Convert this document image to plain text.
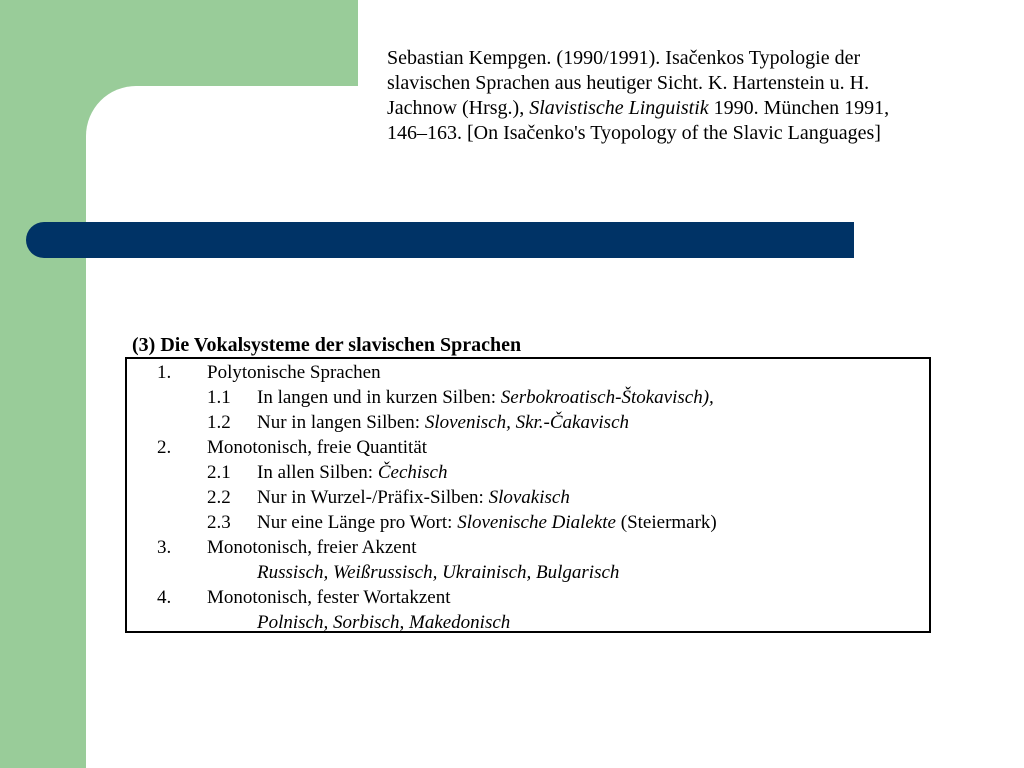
Sebastian Kempgen. (1990/1991). Isačenkos Typologie der
slavischen Sprachen aus heutiger Sicht. K. Hartenstein u. H.
Jachnow (Hrsg.), Slavistische Linguistik 1990. München 1991,
146–163. [On Isačenko's Tyopology of the Slavic Languages]
(3) Die Vokalsysteme der slavischen Sprachen
1. Polytonische Sprachen
1.1 In langen und in kurzen Silben: Serbokroatisch-Štokavisch),
1.2 Nur in langen Silben: Slovenisch, Skr.-Čakavisch
2. Monotonisch, freie Quantität
2.1 In allen Silben: Čechisch
2.2 Nur in Wurzel-/Präfix-Silben: Slovakisch
2.3 Nur eine Länge pro Wort: Slovenische Dialekte (Steiermark)
3. Monotonisch, freier Akzent
Russisch, Weißrussisch, Ukrainisch, Bulgarisch
4. Monotonisch, fester Wortakzent
Polnisch, Sorbisch, Makedonisch
